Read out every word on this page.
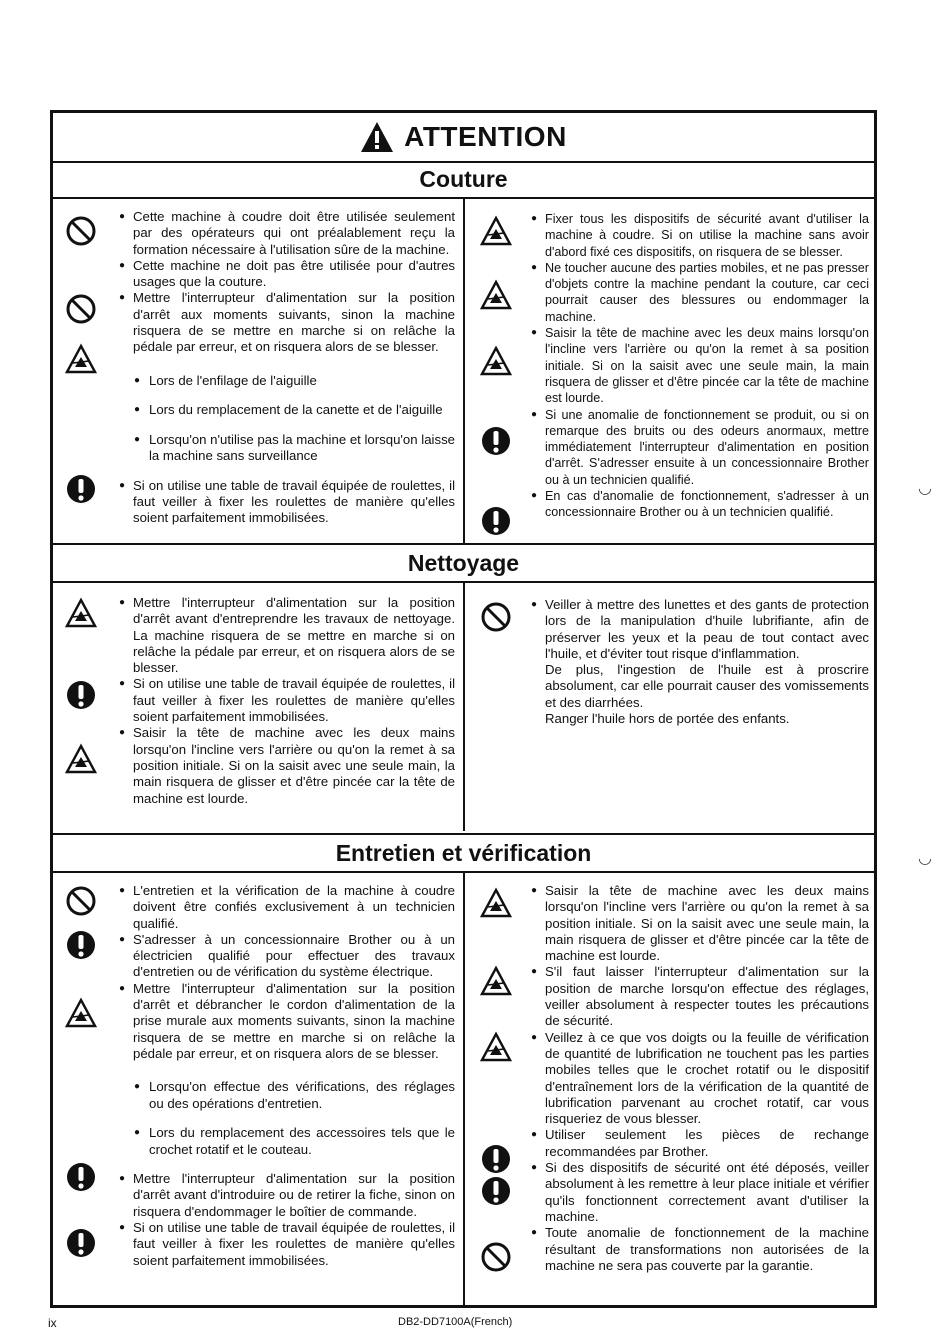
ATTENTION
Couture

● Cette machine à coudre doit être utilisée seulement par des opérateurs qui ont préalablement reçu la formation nécessaire à l'utilisation sûre de la machine.

● Cette machine ne doit pas être utilisée pour d'autres usages que la couture.

● Mettre l'interrupteur d'alimentation sur la position d'arrêt aux moments suivants, sinon la machine risquera de se mettre en marche si on relâche la pédale par erreur, et on risquera alors de se blesser.

● Lors de l'enfilage de l'aiguille

● Lors du remplacement de la canette et de l'aiguille

● Lorsqu'on n'utilise pas la machine et lorsqu'on laisse la machine sans surveillance

● Si on utilise une table de travail équipée de roulettes, il faut veiller à fixer les roulettes de manière qu'elles soient parfaitement immobilisées.

● Fixer tous les dispositifs de sécurité avant d'utiliser la machine à coudre. Si on utilise la machine sans avoir d'abord fixé ces dispositifs, on risquera de se blesser.

● Ne toucher aucune des parties mobiles, et ne pas presser d'objets contre la machine pendant la couture, car ceci pourrait causer des blessures ou endommager la machine.

● Saisir la tête de machine avec les deux mains lorsqu'on l'incline vers l'arrière ou qu'on la remet à sa position initiale. Si on la saisit avec une seule main, la main risquera de glisser et d'être pincée car la tête de machine est lourde.

● Si une anomalie de fonctionnement se produit, ou si on remarque des bruits ou des odeurs anormaux, mettre immédiatement l'interrupteur d'alimentation en position d'arrêt. S'adresser ensuite à un concessionnaire Brother ou à un technicien qualifié.

● En cas d'anomalie de fonctionnement, s'adresser à un concessionnaire Brother ou à un technicien qualifié.

Nettoyage

● Mettre l'interrupteur d'alimentation sur la position d'arrêt avant d'entreprendre les travaux de nettoyage. La machine risquera de se mettre en marche si on relâche la pédale par erreur, et on risquera alors de se blesser.

● Si on utilise une table de travail équipée de roulettes, il faut veiller à fixer les roulettes de manière qu'elles soient parfaitement immobilisées.

● Saisir la tête de machine avec les deux mains lorsqu'on l'incline vers l'arrière ou qu'on la remet à sa position initiale. Si on la saisit avec une seule main, la main risquera de glisser et d'être pincée car la tête de machine est lourde.

● Veiller à mettre des lunettes et des gants de protection lors de la manipulation d'huile lubrifiante, afin de préserver les yeux et la peau de tout contact avec l'huile, et d'éviter tout risque d'inflammation.

De plus, l'ingestion de l'huile est à proscrire absolument, car elle pourrait causer des vomissements et des diarrhées.

Ranger l'huile hors de portée des enfants.

Entretien et vérification

● L'entretien et la vérification de la machine à coudre doivent être confiés exclusivement à un technicien qualifié.

● S'adresser à un concessionnaire Brother ou à un électricien qualifié pour effectuer des travaux d'entretien ou de vérification du système électrique.

● Mettre l'interrupteur d'alimentation sur la position d'arrêt et débrancher le cordon d'alimentation de la prise murale aux moments suivants, sinon la machine risquera de se mettre en marche si on relâche la pédale par erreur, et on risquera alors de se blesser.

● Lorsqu'on effectue des vérifications, des réglages ou des opérations d'entretien.

● Lors du remplacement des accessoires tels que le crochet rotatif et le couteau.

● Mettre l'interrupteur d'alimentation sur la position d'arrêt avant d'introduire ou de retirer la fiche, sinon on risquera d'endommager le boîtier de commande.

● Si on utilise une table de travail équipée de roulettes, il faut veiller à fixer les roulettes de manière qu'elles soient parfaitement immobilisées.

● Saisir la tête de machine avec les deux mains lorsqu'on l'incline vers l'arrière ou qu'on la remet à sa position initiale. Si on la saisit avec une seule main, la main risquera de glisser et d'être pincée car la tête de machine est lourde.

● S'il faut laisser l'interrupteur d'alimentation sur la position de marche lorsqu'on effectue des réglages, veiller absolument à respecter toutes les précautions de sécurité.

● Veillez à ce que vos doigts ou la feuille de vérification de quantité de lubrification ne touchent pas les parties mobiles telles que le crochet rotatif ou le dispositif d'entraînement lors de la vérification de la quantité de lubrification parvenant au crochet rotatif, car vous risqueriez de vous blesser.

● Utiliser seulement les pièces de rechange recommandées par Brother.

● Si des dispositifs de sécurité ont été déposés, veiller absolument à les remettre à leur place initiale et vérifier qu'ils fonctionnent correctement avant d'utiliser la machine.

● Toute anomalie de fonctionnement de la machine résultant de transformations non autorisées de la machine ne sera pas couverte par la garantie.

ix	DB2-DD7100A(French)
◡
◡
